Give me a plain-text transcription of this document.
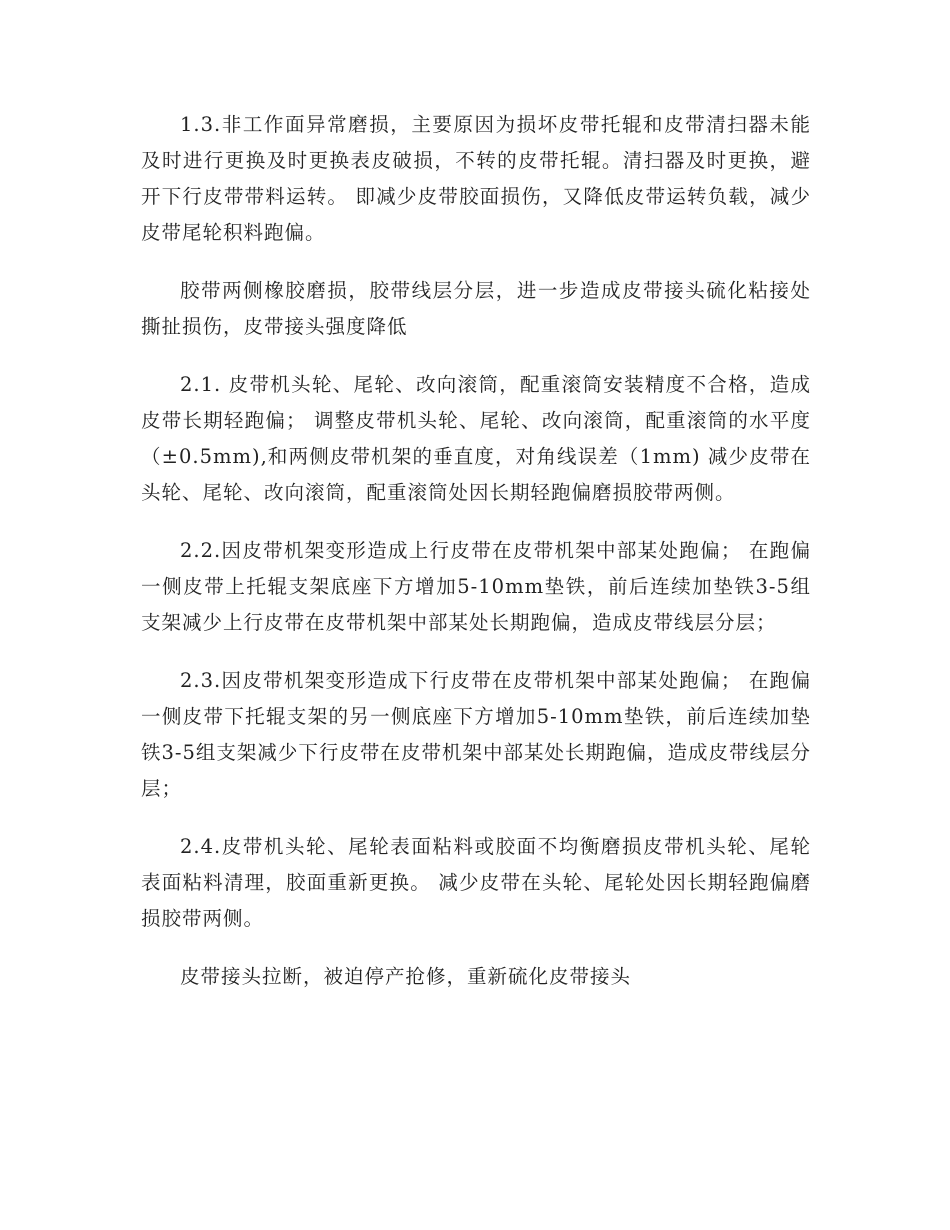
1.3.非工作面异常磨损，主要原因为损坏皮带托辊和皮带清扫器未能及时进行更换及时更换表皮破损，不转的皮带托辊。清扫器及时更换，避开下行皮带带料运转。 即减少皮带胶面损伤，又降低皮带运转负载，减少皮带尾轮积料跑偏。

胶带两侧橡胶磨损，胶带线层分层，进一步造成皮带接头硫化粘接处撕扯损伤，皮带接头强度降低

2.1. 皮带机头轮、尾轮、改向滚筒，配重滚筒安装精度不合格，造成皮带长期轻跑偏； 调整皮带机头轮、尾轮、改向滚筒，配重滚筒的水平度（±0.5mm),和两侧皮带机架的垂直度，对角线误差（1mm) 减少皮带在头轮、尾轮、改向滚筒，配重滚筒处因长期轻跑偏磨损胶带两侧。

2.2.因皮带机架变形造成上行皮带在皮带机架中部某处跑偏； 在跑偏一侧皮带上托辊支架底座下方增加5-10mm垫铁，前后连续加垫铁3-5组支架减少上行皮带在皮带机架中部某处长期跑偏，造成皮带线层分层；

2.3.因皮带机架变形造成下行皮带在皮带机架中部某处跑偏； 在跑偏一侧皮带下托辊支架的另一侧底座下方增加5-10mm垫铁，前后连续加垫铁3-5组支架减少下行皮带在皮带机架中部某处长期跑偏，造成皮带线层分层；

2.4.皮带机头轮、尾轮表面粘料或胶面不均衡磨损皮带机头轮、尾轮表面粘料清理，胶面重新更换。 减少皮带在头轮、尾轮处因长期轻跑偏磨损胶带两侧。

皮带接头拉断，被迫停产抢修，重新硫化皮带接头
